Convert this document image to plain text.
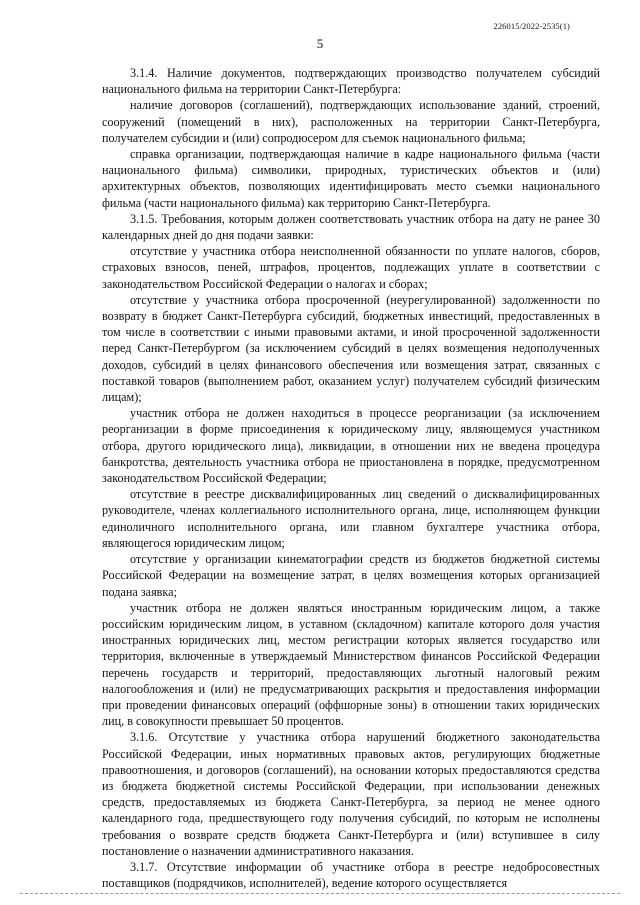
226015/2022-2535(1)
5

3.1.4. Наличие документов, подтверждающих производство получателем субсидий национального фильма на территории Санкт-Петербурга:

наличие договоров (соглашений), подтверждающих использование зданий, строений, сооружений (помещений в них), расположенных на территории Санкт-Петербурга, получателем субсидии и (или) сопродюсером для съемок национального фильма;

справка организации, подтверждающая наличие в кадре национального фильма (части национального фильма) символики, природных, туристических объектов и (или) архитектурных объектов, позволяющих идентифицировать место съемки национального фильма (части национального фильма) как территорию Санкт-Петербурга.

3.1.5. Требования, которым должен соответствовать участник отбора на дату не ранее 30 календарных дней до дня подачи заявки:

отсутствие у участника отбора неисполненной обязанности по уплате налогов, сборов, страховых взносов, пеней, штрафов, процентов, подлежащих уплате в соответствии с законодательством Российской Федерации о налогах и сборах;

отсутствие у участника отбора просроченной (неурегулированной) задолженности по возврату в бюджет Санкт-Петербурга субсидий, бюджетных инвестиций, предоставленных в том числе в соответствии с иными правовыми актами, и иной просроченной задолженности перед Санкт-Петербургом (за исключением субсидий в целях возмещения недополученных доходов, субсидий в целях финансового обеспечения или возмещения затрат, связанных с поставкой товаров (выполнением работ, оказанием услуг) получателем субсидий физическим лицам);

участник отбора не должен находиться в процессе реорганизации (за исключением реорганизации в форме присоединения к юридическому лицу, являющемуся участником отбора, другого юридического лица), ликвидации, в отношении них не введена процедура банкротства, деятельность участника отбора не приостановлена в порядке, предусмотренном законодательством Российской Федерации;

отсутствие в реестре дисквалифицированных лиц сведений о дисквалифицированных руководителе, членах коллегиального исполнительного органа, лице, исполняющем функции единоличного исполнительного органа, или главном бухгалтере участника отбора, являющегося юридическим лицом;

отсутствие у организации кинематографии средств из бюджетов бюджетной системы Российской Федерации на возмещение затрат, в целях возмещения которых организацией подана заявка;

участник отбора не должен являться иностранным юридическим лицом, а также российским юридическим лицом, в уставном (складочном) капитале которого доля участия иностранных юридических лиц, местом регистрации которых является государство или территория, включенные в утверждаемый Министерством финансов Российской Федерации перечень государств и территорий, предоставляющих льготный налоговый режим налогообложения и (или) не предусматривающих раскрытия и предоставления информации при проведении финансовых операций (оффшорные зоны) в отношении таких юридических лиц, в совокупности превышает 50 процентов.

3.1.6. Отсутствие у участника отбора нарушений бюджетного законодательства Российской Федерации, иных нормативных правовых актов, регулирующих бюджетные правоотношения, и договоров (соглашений), на основании которых предоставляются средства из бюджета бюджетной системы Российской Федерации, при использовании денежных средств, предоставляемых из бюджета Санкт-Петербурга, за период не менее одного календарного года, предшествующего году получения субсидий, по которым не исполнены требования о возврате средств бюджета Санкт-Петербурга и (или) вступившее в силу постановление о назначении административного наказания.

3.1.7. Отсутствие информации об участнике отбора в реестре недобросовестных поставщиков (подрядчиков, исполнителей), ведение которого осуществляется
